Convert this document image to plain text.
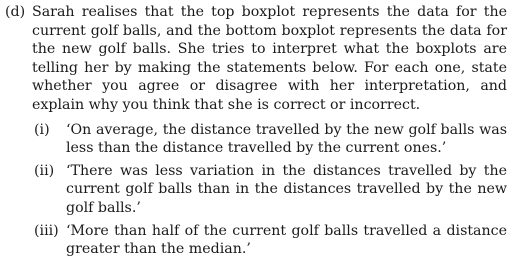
(d) Sarah realises that the top boxplot represents the data for the current golf balls, and the bottom boxplot represents the data for the new golf balls. She tries to interpret what the boxplots are telling her by making the statements below. For each one, state whether you agree or disagree with her interpretation, and explain why you think that she is correct or incorrect.
(i)	‘On average, the distance travelled by the new golf balls was less than the distance travelled by the current ones.’
(ii) ‘There was less variation in the distances travelled by the current golf balls than in the distances travelled by the new golf balls.’
(iii) ‘More than half of the current golf balls travelled a distance greater than the median.’
